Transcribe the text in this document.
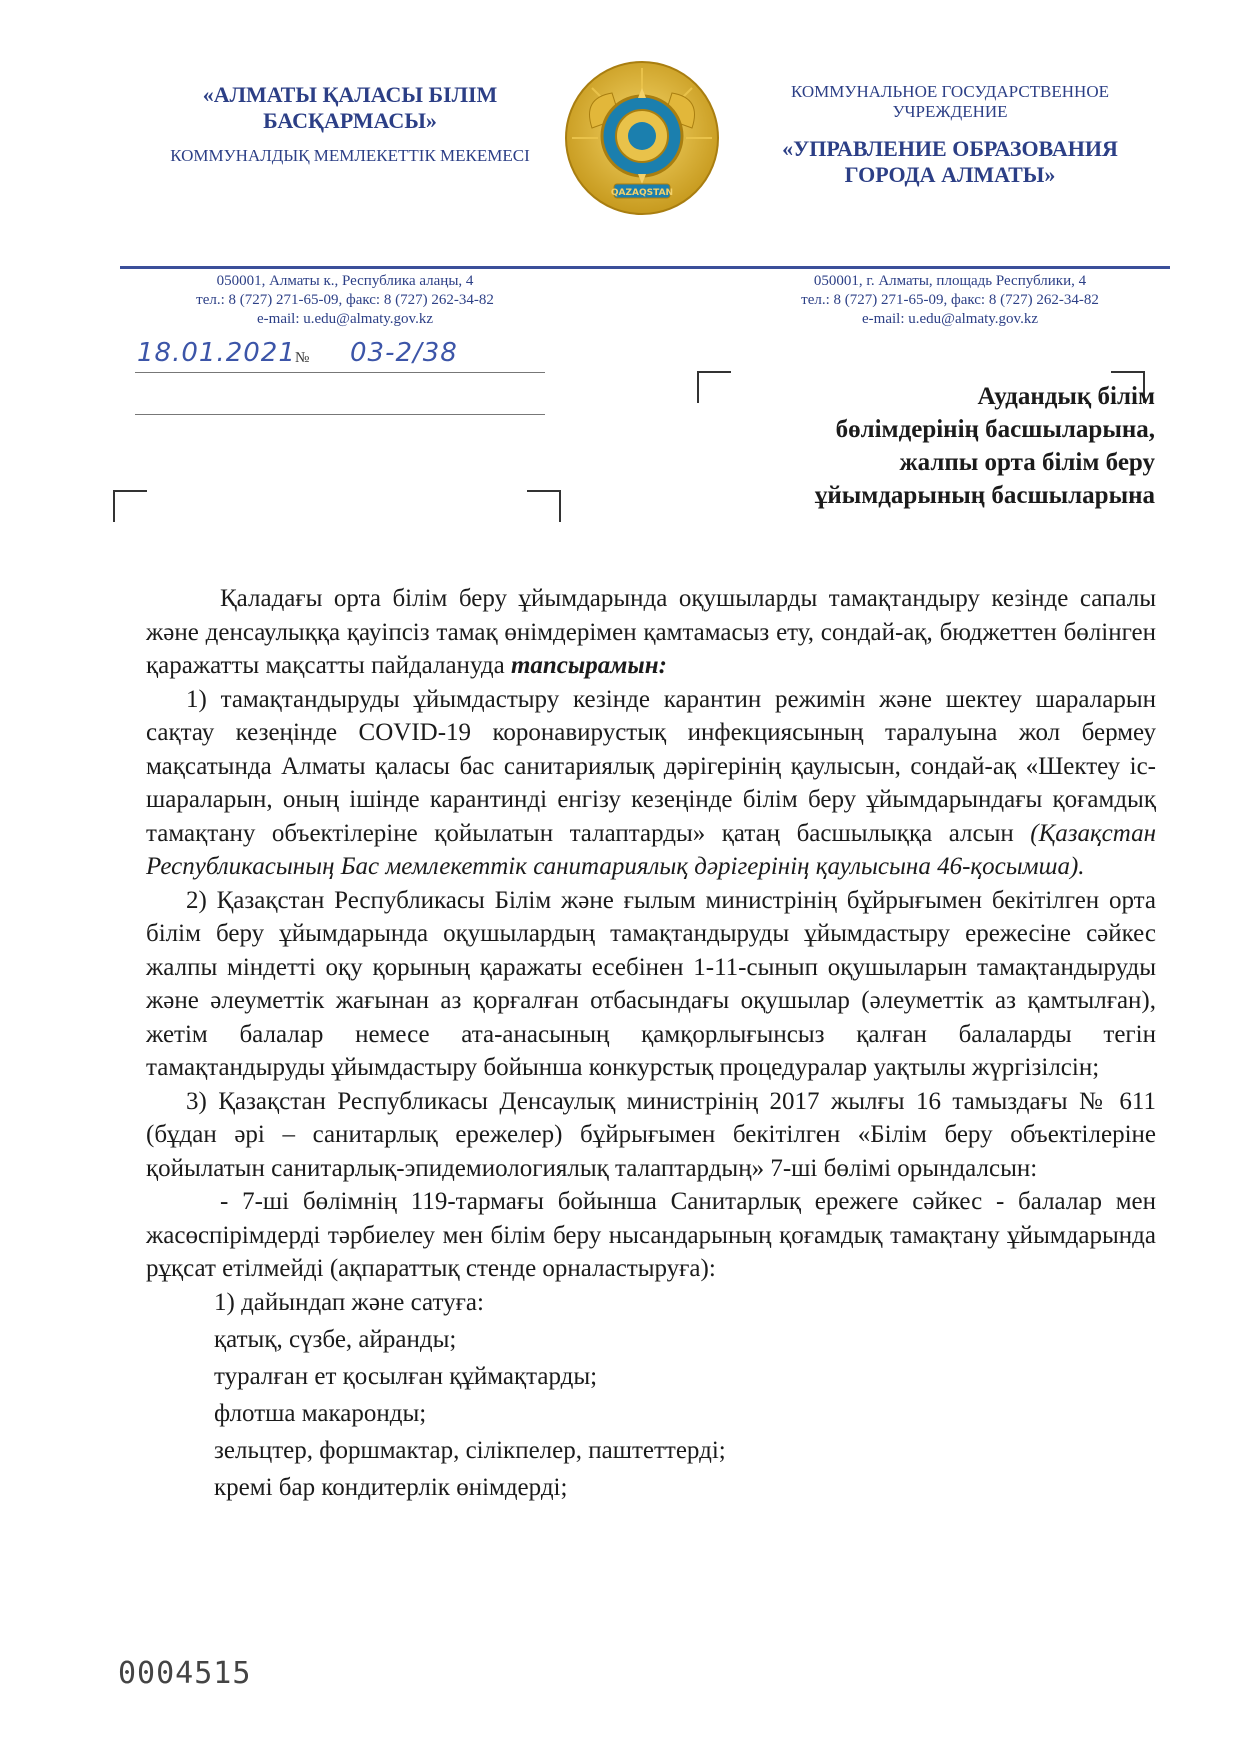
«АЛМАТЫ ҚАЛАСЫ БІЛІМ БАСҚАРМАСЫ»
КОММУНАЛДЫҚ МЕМЛЕКЕТТІК МЕКЕМЕСІ
QAZAQSTAN
КОММУНАЛЬНОЕ ГОСУДАРСТВЕННОЕ УЧРЕЖДЕНИЕ
«УПРАВЛЕНИЕ ОБРАЗОВАНИЯ ГОРОДА АЛМАТЫ»
050001, Алматы к., Республика алаңы, 4
тел.: 8 (727) 271-65-09, факс: 8 (727) 262-34-82
e-mail: u.edu@almaty.gov.kz
050001, г. Алматы, площадь Республики, 4
тел.: 8 (727) 271-65-09, факс: 8 (727) 262-34-82
e-mail: u.edu@almaty.gov.kz
18.01.2021 № 03-2/38
Аудандық білім
бөлімдерінің басшыларына,
жалпы орта білім беру
ұйымдарының басшыларына

Қаладағы орта білім беру ұйымдарында оқушыларды тамақтандыру кезінде сапалы және денсаулыққа қауіпсіз тамақ өнімдерімен қамтамасыз ету, сондай-ақ, бюджеттен бөлінген қаражатты мақсатты пайдалануда тапсырамын:

1) тамақтандыруды ұйымдастыру кезінде карантин режимін және шектеу шараларын сақтау кезеңінде COVID-19 коронавирустық инфекциясының таралуына жол бермеу мақсатында Алматы қаласы бас санитариялық дәрігерінің қаулысын, сондай-ақ «Шектеу іс-шараларын, оның ішінде карантинді енгізу кезеңінде білім беру ұйымдарындағы қоғамдық тамақтану объектілеріне қойылатын талаптарды» қатаң басшылыққа алсын (Қазақстан Республикасының Бас мемлекеттік санитариялық дәрігерінің қаулысына 46-қосымша).

2) Қазақстан Республикасы Білім және ғылым министрінің бұйрығымен бекітілген орта білім беру ұйымдарында оқушылардың тамақтандыруды ұйымдастыру ережесіне сәйкес жалпы міндетті оқу қорының қаражаты есебінен 1-11-сынып оқушыларын тамақтандыруды және әлеуметтік жағынан аз қорғалған отбасындағы оқушылар (әлеуметтік аз қамтылған), жетім балалар немесе ата-анасының қамқорлығынсыз қалған балаларды тегін тамақтандыруды ұйымдастыру бойынша конкурстық процедуралар уақтылы жүргізілсін;

3) Қазақстан Республикасы Денсаулық министрінің 2017 жылғы 16 тамыздағы № 611 (бұдан әрі – санитарлық ережелер) бұйрығымен бекітілген «Білім беру объектілеріне қойылатын санитарлық-эпидемиологиялық талаптардың» 7-ші бөлімі орындалсын:

- 7-ші бөлімнің 119-тармағы бойынша Санитарлық ережеге сәйкес - балалар мен жасөспірімдерді тәрбиелеу мен білім беру нысандарының қоғамдық тамақтану ұйымдарында рұқсат етілмейді (ақпараттық стенде орналастыруға):

1) дайындап және сатуға:
қатық, сүзбе, айранды;
туралған ет қосылған құймақтарды;
флотша макаронды;
зельцтер, форшмактар, сілікпелер, паштеттерді;
кремі бар кондитерлік өнімдерді;
0004515
